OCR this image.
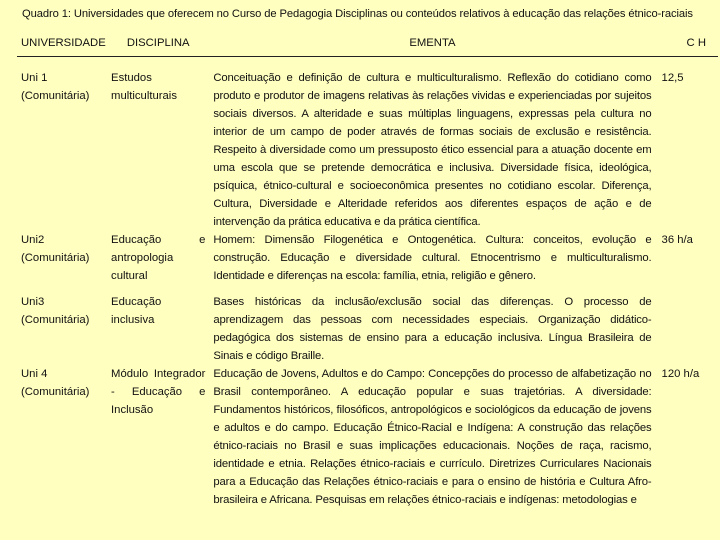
Quadro 1: Universidades que oferecem no Curso de Pedagogia Disciplinas ou conteúdos relativos à educação das relações étnico-raciais
UNIVERSIDADE	DISCIPLINA	EMENTA	C H

Uni 1 (Comunitária)	Estudos multiculturais	Conceituação e definição de cultura e multiculturalismo. Reflexão do cotidiano como produto e produtor de imagens relativas às relações vividas e experienciadas por sujeitos sociais diversos. A alteridade e suas múltiplas linguagens, expressas pela cultura no interior de um campo de poder através de formas sociais de exclusão e resistência. Respeito à diversidade como um pressuposto ético essencial para a atuação docente em uma escola que se pretende democrática e inclusiva. Diversidade física, ideológica, psíquica, étnico-cultural e socioeconômica presentes no cotidiano escolar. Diferença, Cultura, Diversidade e Alteridade referidos aos diferentes espaços de ação e de intervenção da prática educativa e da prática científica.	12,5
Uni2 (Comunitária)	Educação e antropologia cultural	Homem: Dimensão Filogenética e Ontogenética. Cultura: conceitos, evolução e construção. Educação e diversidade cultural. Etnocentrismo e multiculturalismo. Identidade e diferenças na escola: família, etnia, religião e gênero.	36 h/a

Uni3 (Comunitária)	Educação inclusiva	Bases históricas da inclusão/exclusão social das diferenças. O processo de aprendizagem das pessoas com necessidades especiais. Organização didático-pedagógica dos sistemas de ensino para a educação inclusiva. Língua Brasileira de Sinais e código Braille.	
Uni 4 (Comunitária)	Módulo Integrador - Educação e Inclusão	Educação de Jovens, Adultos e do Campo: Concepções do processo de alfabetização no Brasil contemporâneo. A educação popular e suas trajetórias. A diversidade: Fundamentos históricos, filosóficos, antropológicos e sociológicos da educação de jovens e adultos e do campo. Educação Étnico-Racial e Indígena: A construção das relações étnico-raciais no Brasil e suas implicações educacionais. Noções de raça, racismo, identidade e etnia. Relações étnico-raciais e currículo. Diretrizes Curriculares Nacionais para a Educação das Relações étnico-raciais e para o ensino de história e Cultura Afro-brasileira e Africana. Pesquisas em relações étnico-raciais e indígenas: metodologias e	120 h/a
